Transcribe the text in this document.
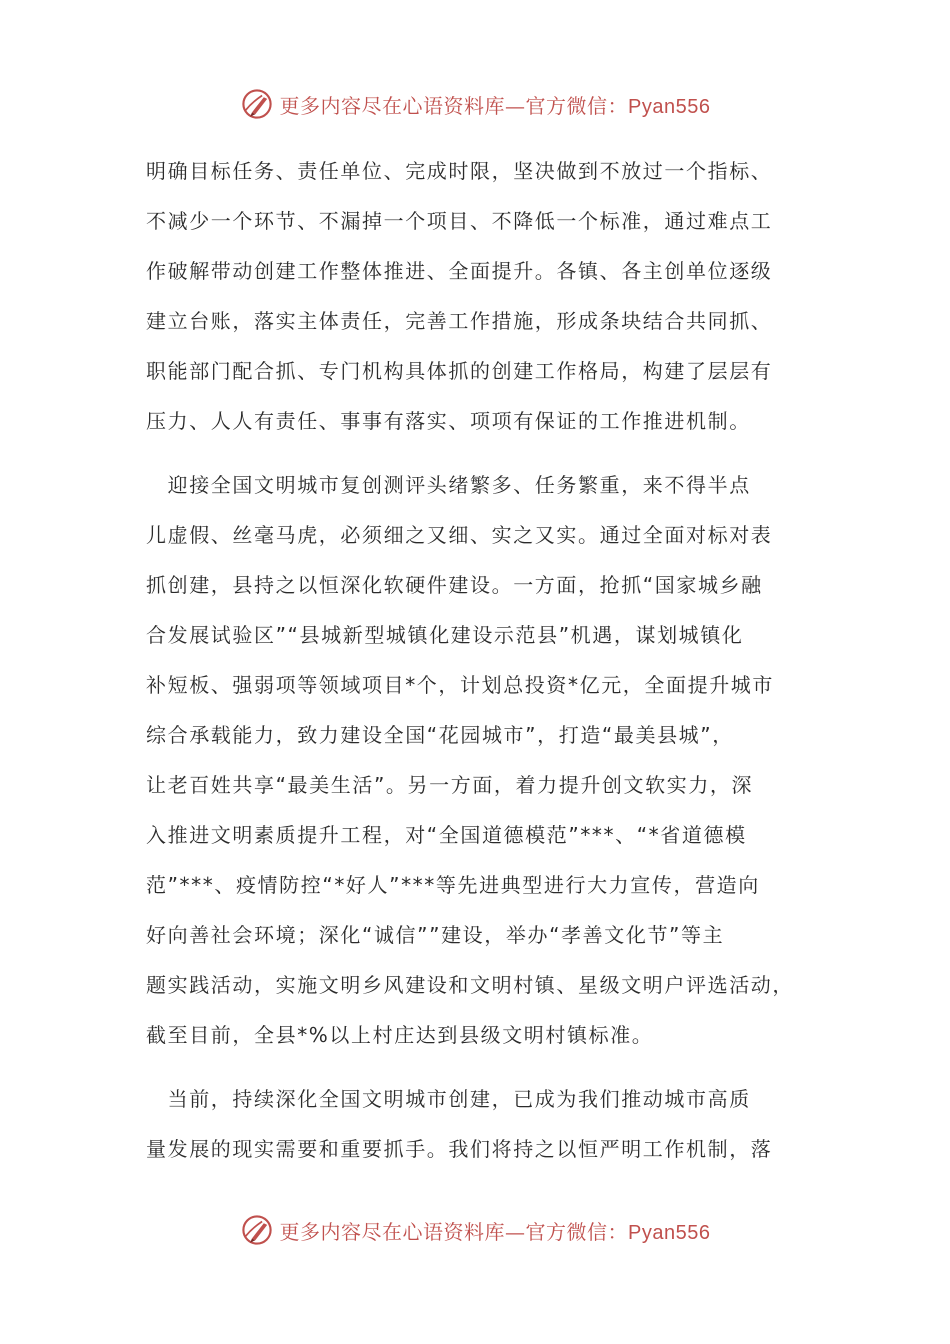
更多内容尽在心语资料库—官方微信：Pyan556

明确目标任务、责任单位、完成时限，坚决做到不放过一个指标、
不减少一个环节、不漏掉一个项目、不降低一个标准，通过难点工
作破解带动创建工作整体推进、全面提升。各镇、各主创单位逐级
建立台账，落实主体责任，完善工作措施，形成条块结合共同抓、
职能部门配合抓、专门机构具体抓的创建工作格局，构建了层层有
压力、人人有责任、事事有落实、项项有保证的工作推进机制。

　迎接全国文明城市复创测评头绪繁多、任务繁重，来不得半点
儿虚假、丝毫马虎，必须细之又细、实之又实。通过全面对标对表
抓创建，县持之以恒深化软硬件建设。一方面，抢抓“国家城乡融
合发展试验区”“县城新型城镇化建设示范县”机遇，谋划城镇化
补短板、强弱项等领域项目*个，计划总投资*亿元，全面提升城市
综合承载能力，致力建设全国“花园城市”，打造“最美县城”，
让老百姓共享“最美生活”。另一方面，着力提升创文软实力，深
入推进文明素质提升工程，对“全国道德模范”***、“*省道德模
范”***、疫情防控“*好人”***等先进典型进行大力宣传，营造向
好向善社会环境；深化“诚信””建设，举办“孝善文化节”等主
题实践活动，实施文明乡风建设和文明村镇、星级文明户评选活动，
截至目前，全县*%以上村庄达到县级文明村镇标准。

　当前，持续深化全国文明城市创建，已成为我们推动城市高质
量发展的现实需要和重要抓手。我们将持之以恒严明工作机制，落

更多内容尽在心语资料库—官方微信：Pyan556
